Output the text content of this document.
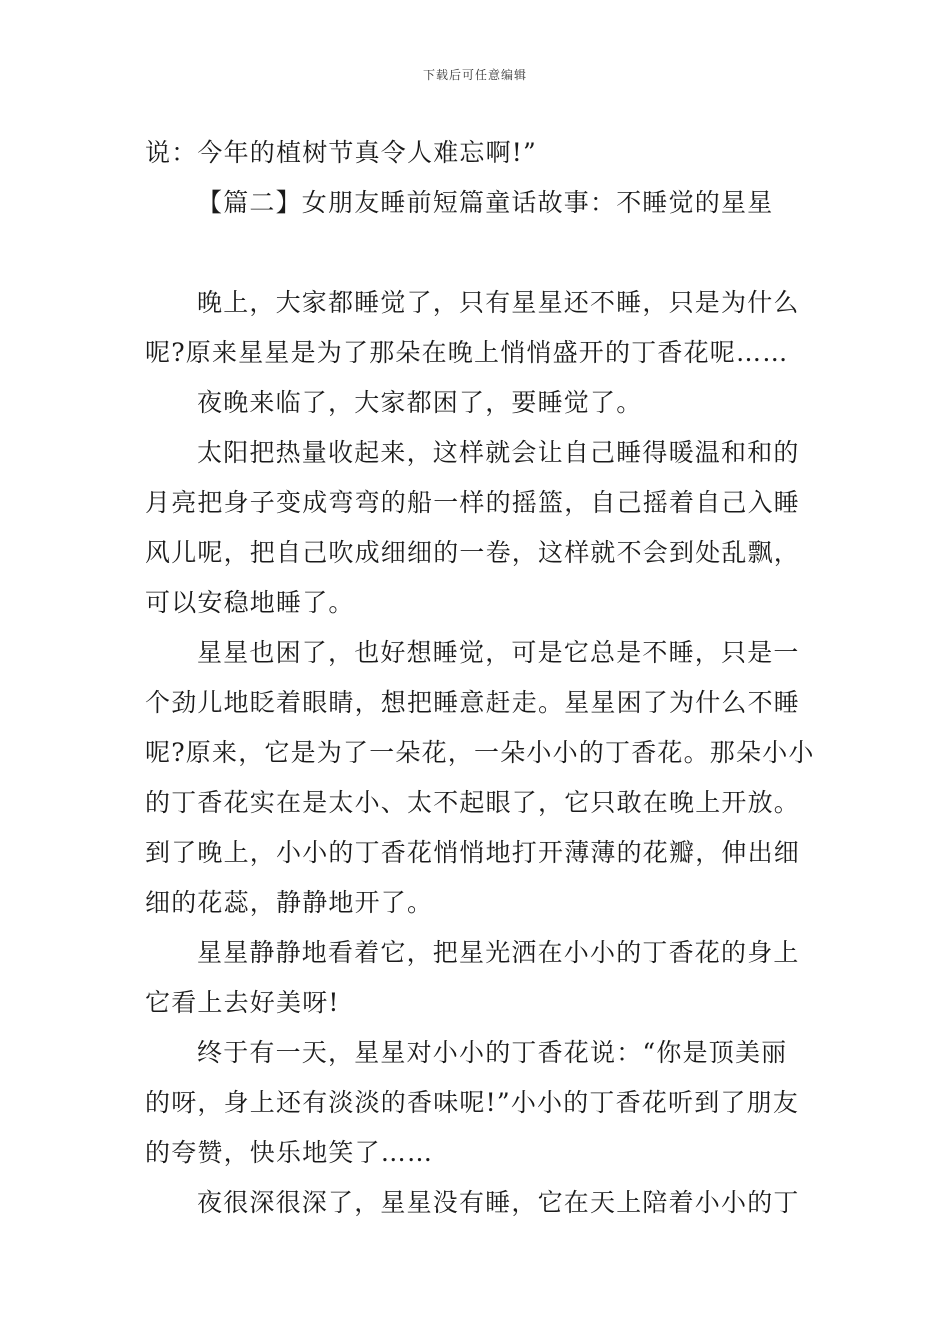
下载后可任意编辑
说：今年的植树节真令人难忘啊!”
【篇二】女朋友睡前短篇童话故事：不睡觉的星星
晚上，大家都睡觉了，只有星星还不睡，只是为什么
呢?原来星星是为了那朵在晚上悄悄盛开的丁香花呢……
夜晚来临了，大家都困了，要睡觉了。
太阳把热量收起来，这样就会让自己睡得暖温和和的
月亮把身子变成弯弯的船一样的摇篮，自己摇着自己入睡
风儿呢，把自己吹成细细的一卷，这样就不会到处乱飘，
可以安稳地睡了。
星星也困了，也好想睡觉，可是它总是不睡，只是一
个劲儿地眨着眼睛，想把睡意赶走。星星困了为什么不睡
呢?原来，它是为了一朵花，一朵小小的丁香花。那朵小小
的丁香花实在是太小、太不起眼了，它只敢在晚上开放。
到了晚上，小小的丁香花悄悄地打开薄薄的花瓣，伸出细
细的花蕊，静静地开了。
星星静静地看着它，把星光洒在小小的丁香花的身上
它看上去好美呀!
终于有一天，星星对小小的丁香花说：“你是顶美丽
的呀，身上还有淡淡的香味呢!”小小的丁香花听到了朋友
的夸赞，快乐地笑了……
夜很深很深了，星星没有睡，它在天上陪着小小的丁
